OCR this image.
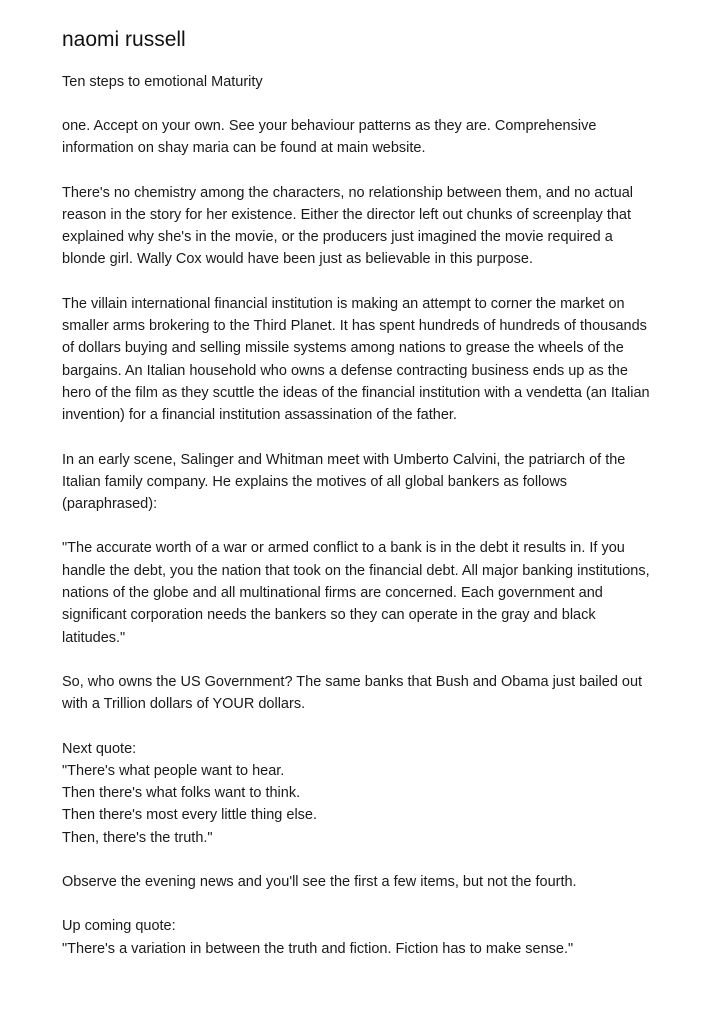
naomi russell
Ten steps to emotional Maturity
one. Accept on your own. See your behaviour patterns as they are. Comprehensive
information on shay maria can be found at main website.
There's no chemistry among the characters, no relationship between them, and no actual
reason in the story for her existence. Either the director left out chunks of screenplay that
explained why she's in the movie, or the producers just imagined the movie required a
blonde girl. Wally Cox would have been just as believable in this purpose.
The villain international financial institution is making an attempt to corner the market on
smaller arms brokering to the Third Planet. It has spent hundreds of hundreds of thousands
of dollars buying and selling missile systems among nations to grease the wheels of the
bargains. An Italian household who owns a defense contracting business ends up as the
hero of the film as they scuttle the ideas of the financial institution with a vendetta (an Italian
invention) for a financial institution assassination of the father.
In an early scene, Salinger and Whitman meet with Umberto Calvini, the patriarch of the
Italian family company. He explains the motives of all global bankers as follows
(paraphrased):
"The accurate worth of a war or armed conflict to a bank is in the debt it results in. If you
handle the debt, you the nation that took on the financial debt. All major banking institutions,
nations of the globe and all multinational firms are concerned. Each government and
significant corporation needs the bankers so they can operate in the gray and black
latitudes."
So, who owns the US Government? The same banks that Bush and Obama just bailed out
with a Trillion dollars of YOUR dollars.
Next quote:
"There's what people want to hear.
Then there's what folks want to think.
Then there's most every little thing else.
Then, there's the truth."
Observe the evening news and you'll see the first a few items, but not the fourth.
Up coming quote:
"There's a variation in between the truth and fiction. Fiction has to make sense."
